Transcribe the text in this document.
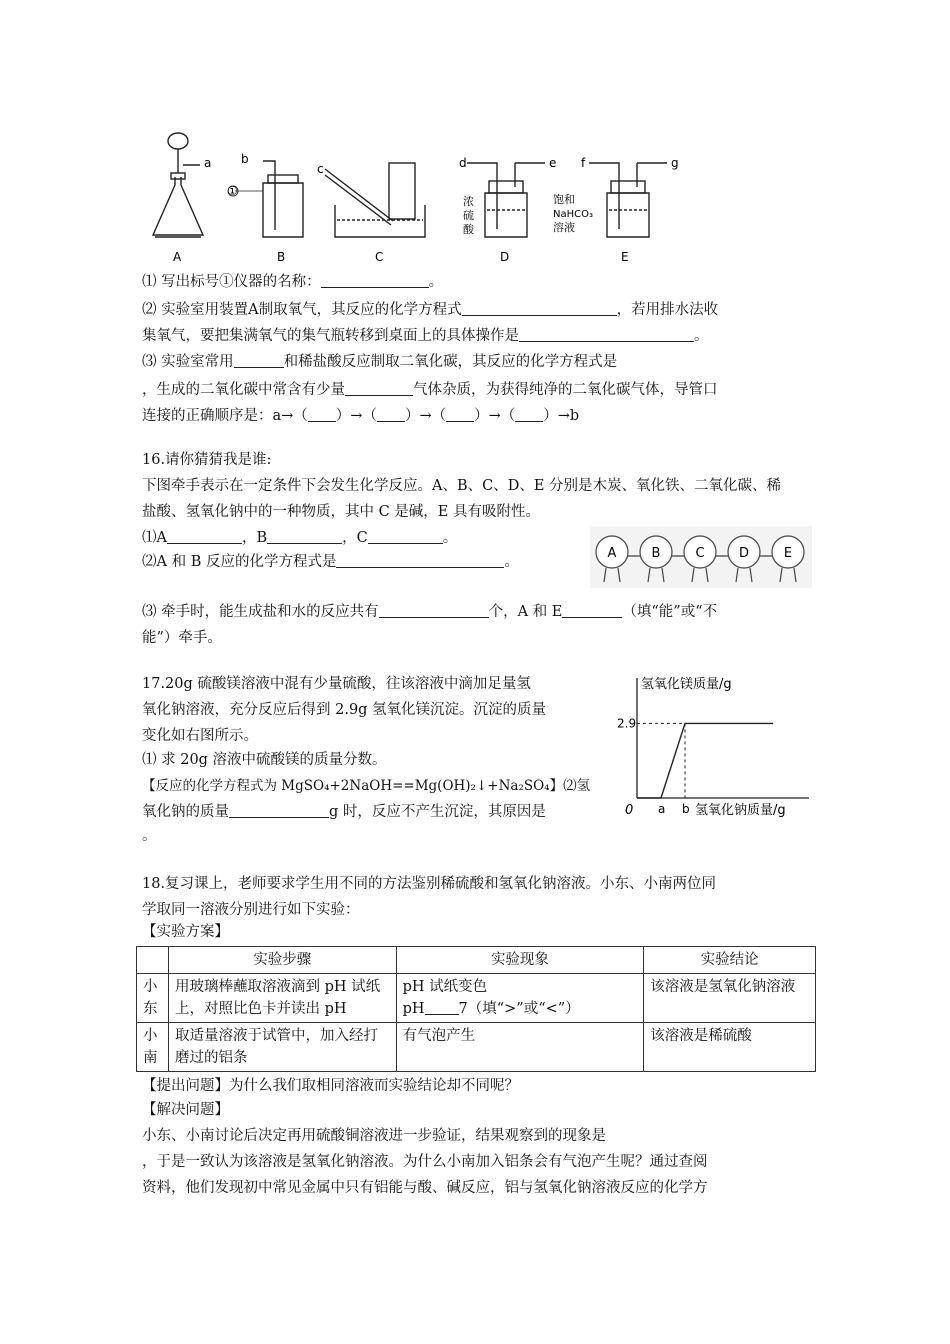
a b
①
c	d	e f	g
浓
硫
酸
饱和
NaHCO₃
溶液
A	B	C	D	E
⑴ 写出标号①仪器的名称：	。
⑵ 实验室用装置A制取氧气，其反应的化学方程式	，若用排水法收
集氧气，要把集满氧气的集气瓶转移到桌面上的具体操作是	。
⑶ 实验室常用	和稀盐酸反应制取二氧化碳，其反应的化学方程式是
，生成的二氧化碳中常含有少量	气体杂质，为获得纯净的二氧化碳气体，导管口
连接的正确顺序是：a→（ ）→（ ）→（ ）→（ ）→b
16.请你猜猜我是谁:
下图牵手表示在一定条件下会发生化学反应。A、B、C、D、E 分别是木炭、氧化铁、二氧化碳、稀
盐酸、氢氧化钠中的一种物质，其中 C 是碱，E 具有吸附性。
⑴A	，B	，C	。
⑵A 和 B 反应的化学方程式是	。
A	B	C	D	E
⑶ 牵手时，能生成盐和水的反应共有	个，A 和 E	（填“能”或“不
能”）牵手。
17.20g 硫酸镁溶液中混有少量硫酸，往该溶液中滴加足量氢
氧化钠溶液，充分反应后得到 2.9g 氢氧化镁沉淀。沉淀的质量
变化如右图所示。
⑴ 求 20g 溶液中硫酸镁的质量分数。
【反应的化学方程式为 MgSO₄+2NaOH==Mg(OH)₂↓+Na₂SO₄】⑵氢
氧化钠的质量	g 时，反应不产生沉淀，其原因是
。
氢氧化镁质量/g
氢氧化钠质量/g
0
2.9
a b
18.复习课上，老师要求学生用不同的方法鉴别稀硫酸和氢氧化钠溶液。小东、小南两位同
学取同一溶液分别进行如下实验：
【实验方案】
	实验步骤	实验现象	实验结论
小东	用玻璃棒蘸取溶液滴到 pH 试纸上，对照比色卡并读出 pH	pH 试纸变色
pH 7（填“>”或“<”）	该溶液是氢氧化钠溶液
小南	取适量溶液于试管中，加入经打磨过的铝条	有气泡产生	该溶液是稀硫酸
【提出问题】为什么我们取相同溶液而实验结论却不同呢？
【解决问题】
小东、小南讨论后决定再用硫酸铜溶液进一步验证，结果观察到的现象是
，于是一致认为该溶液是氢氧化钠溶液。为什么小南加入铝条会有气泡产生呢？通过查阅
资料，他们发现初中常见金属中只有铝能与酸、碱反应，铝与氢氧化钠溶液反应的化学方
